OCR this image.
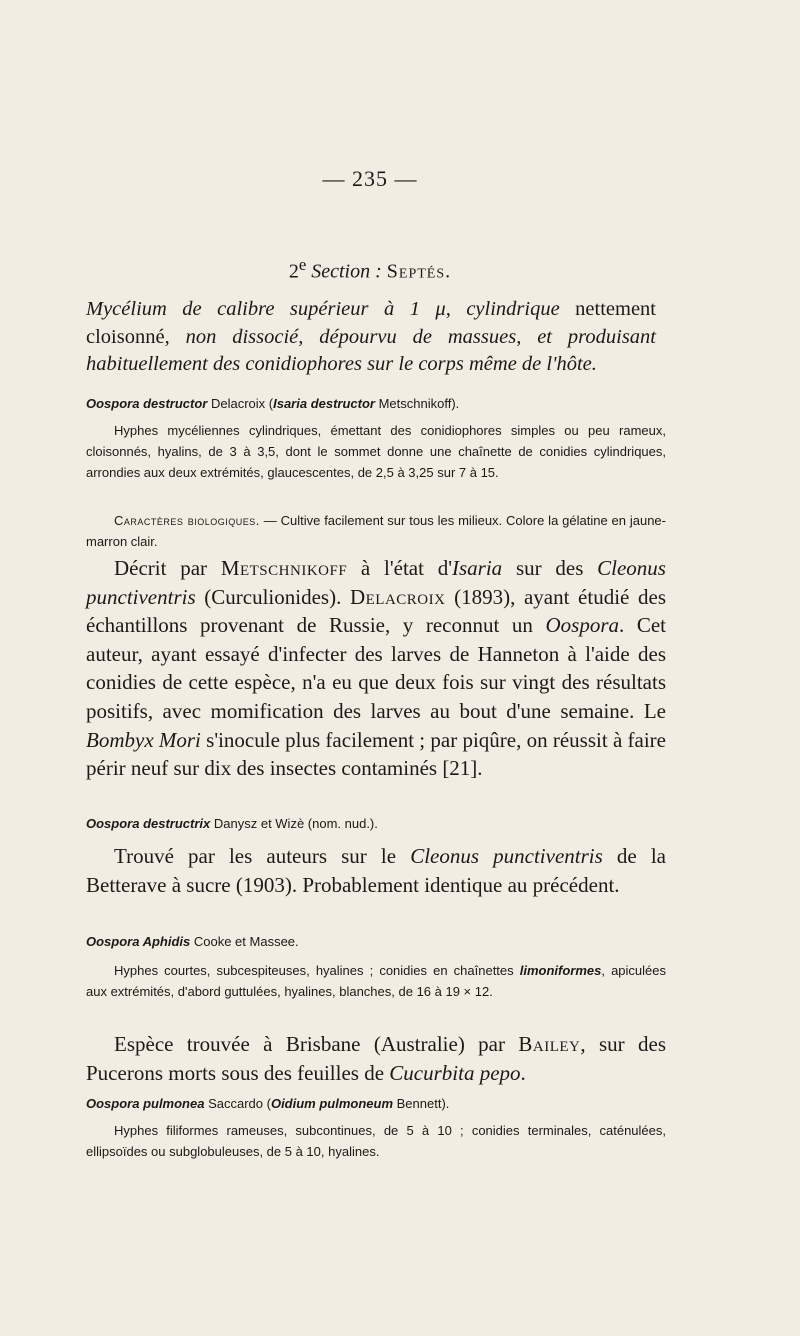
— 235 —
2e Section : Septés.
Mycélium de calibre supérieur à 1 μ, cylindrique nettement cloisonné, non dissocié, dépourvu de massues, et produisant habituellement des conidiophores sur le corps même de l'hôte.
Oospora destructor Delacroix (Isaria destructor Metschnikoff).
Hyphes mycéliennes cylindriques, émettant des conidiophores simples ou peu rameux, cloisonnés, hyalins, de 3 à 3,5, dont le sommet donne une chaînette de conidies cylindriques, arrondies aux deux extrémités, glaucescentes, de 2,5 à 3,25 sur 7 à 15.
Caractères biologiques. — Cultive facilement sur tous les milieux. Colore la gélatine en jaune-marron clair.
Décrit par Metschnikoff à l'état d'Isaria sur des Cleonus punctiventris (Curculionides). Delacroix (1893), ayant étudié des échantillons provenant de Russie, y reconnut un Oospora. Cet auteur, ayant essayé d'infecter des larves de Hanneton à l'aide des conidies de cette espèce, n'a eu que deux fois sur vingt des résultats positifs, avec momification des larves au bout d'une semaine. Le Bombyx Mori s'inocule plus facilement ; par piqûre, on réussit à faire périr neuf sur dix des insectes contaminés [21].
Oospora destructrix Danysz et Wizè (nom. nud.).
Trouvé par les auteurs sur le Cleonus punctiventris de la Betterave à sucre (1903). Probablement identique au précédent.
Oospora Aphidis Cooke et Massee.
Hyphes courtes, subcespiteuses, hyalines ; conidies en chaînettes limoniformes, apiculées aux extrémités, d'abord guttulées, hyalines, blanches, de 16 à 19 × 12.
Espèce trouvée à Brisbane (Australie) par Bailey, sur des Pucerons morts sous des feuilles de Cucurbita pepo.
Oospora pulmonea Saccardo (Oidium pulmoneum Bennett).
Hyphes filiformes rameuses, subcontinues, de 5 à 10 ; conidies terminales, caténulées, ellipsoïdes ou subglobuleuses, de 5 à 10, hyalines.
